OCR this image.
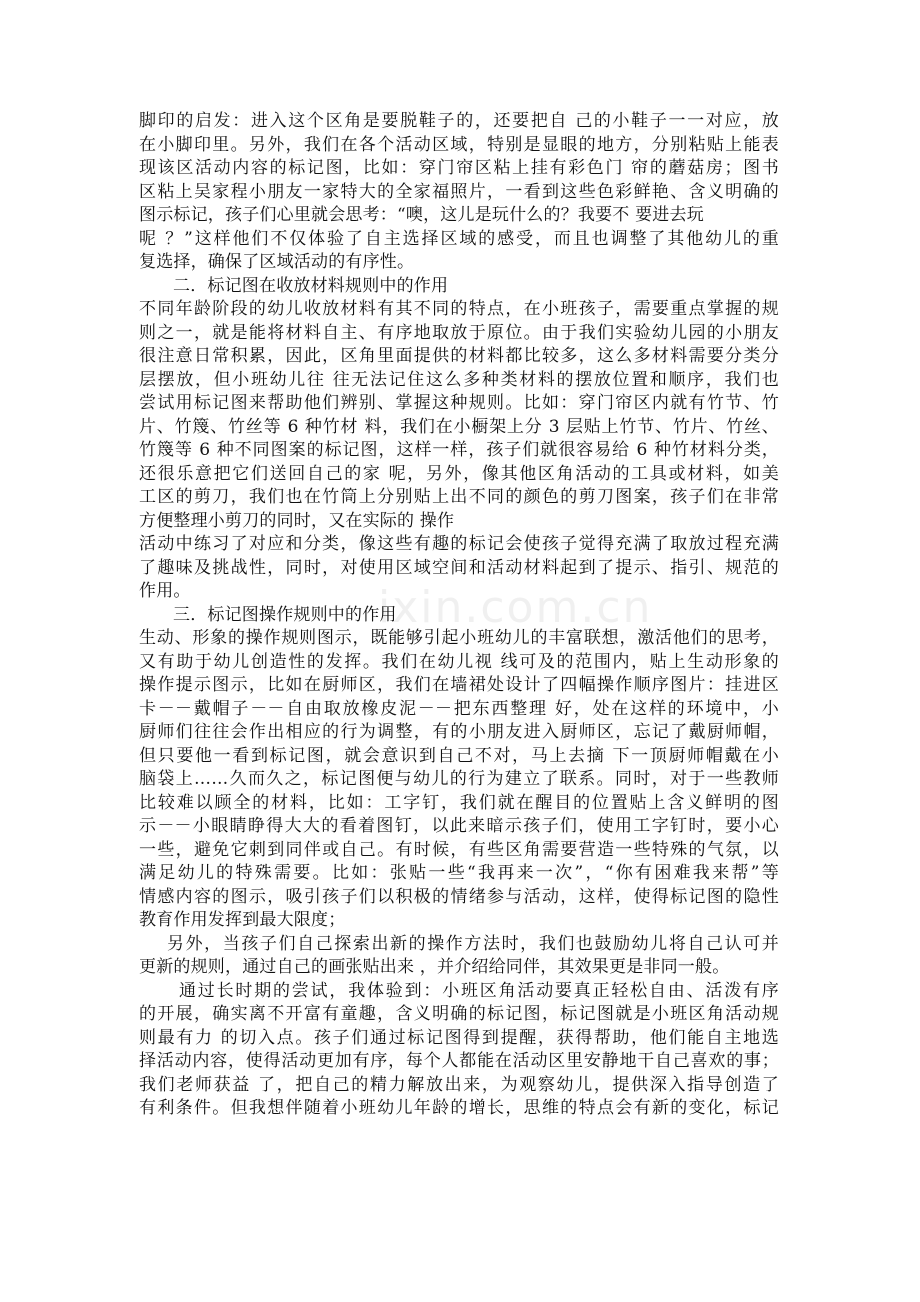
ixin.com.cn
脚印的启发：进入这个区角是要脱鞋子的，还要把自 己的小鞋子一一对应，放
在小脚印里。另外，我们在各个活动区域，特别是显眼的地方，分别粘贴上能表
现该区活动内容的标记图，比如：穿门帘区粘上挂有彩色门 帘的蘑菇房；图书
区粘上吴家程小朋友一家特大的全家福照片，一看到这些色彩鲜艳、含义明确的
图示标记，孩子们心里就会思考：“噢，这儿是玩什么的？我要不 要进去玩
呢 ？”这样他们不仅体验了自主选择区域的感受，而且也调整了其他幼儿的重
复选择，确保了区域活动的有序性。
二．标记图在收放材料规则中的作用
不同年龄阶段的幼儿收放材料有其不同的特点，在小班孩子，需要重点掌握的规
则之一，就是能将材料自主、有序地取放于原位。由于我们实验幼儿园的小朋友
很注意日常积累，因此，区角里面提供的材料都比较多，这么多材料需要分类分
层摆放，但小班幼儿往 往无法记住这么多种类材料的摆放位置和顺序，我们也
尝试用标记图来帮助他们辨别、掌握这种规则。比如：穿门帘区内就有竹节、竹
片、竹篾、竹丝等 6 种竹材 料，我们在小橱架上分 3 层贴上竹节、竹片、竹丝、
竹篾等 6 种不同图案的标记图，这样一样，孩子们就很容易给 6 种竹材料分类，
还很乐意把它们送回自己的家 呢，另外，像其他区角活动的工具或材料，如美
工区的剪刀，我们也在竹筒上分别贴上出不同的颜色的剪刀图案，孩子们在非常
方便整理小剪刀的同时，又在实际的 操作
活动中练习了对应和分类，像这些有趣的标记会使孩子觉得充满了取放过程充满
了趣味及挑战性，同时，对使用区域空间和活动材料起到了提示、指引、规范的
作用。
三．标记图操作规则中的作用
生动、形象的操作规则图示，既能够引起小班幼儿的丰富联想，激活他们的思考，
又有助于幼儿创造性的发挥。我们在幼儿视 线可及的范围内，贴上生动形象的
操作提示图示，比如在厨师区，我们在墙裙处设计了四幅操作顺序图片：挂进区
卡－－戴帽子－－自由取放橡皮泥－－把东西整理 好，处在这样的环境中，小
厨师们往往会作出相应的行为调整，有的小朋友进入厨师区，忘记了戴厨师帽，
但只要他一看到标记图，就会意识到自己不对，马上去摘 下一顶厨师帽戴在小
脑袋上……久而久之，标记图便与幼儿的行为建立了联系。同时，对于一些教师
比较难以顾全的材料，比如：工字钉，我们就在醒目的位置贴上含义鲜明的图
示－－小眼睛睁得大大的看着图钉，以此来暗示孩子们，使用工字钉时，要小心
一些，避免它刺到同伴或自己。有时候，有些区角需要营造一些特殊的气氛，以
满足幼儿的特殊需要。比如：张贴一些“我再来一次”，“你有困难我来帮”等
情感内容的图示，吸引孩子们以积极的情绪参与活动，这样，使得标记图的隐性
教育作用发挥到最大限度；
另外，当孩子们自己探索出新的操作方法时，我们也鼓励幼儿将自己认可并
更新的规则，通过自己的画张贴出来 ，并介绍给同伴，其效果更是非同一般。
通过长时期的尝试，我体验到：小班区角活动要真正轻松自由、活泼有序
的开展，确实离不开富有童趣，含义明确的标记图，标记图就是小班区角活动规
则最有力 的切入点。孩子们通过标记图得到提醒，获得帮助，他们能自主地选
择活动内容，使得活动更加有序，每个人都能在活动区里安静地干自己喜欢的事；
我们老师获益 了，把自己的精力解放出来，为观察幼儿，提供深入指导创造了
有利条件。但我想伴随着小班幼儿年龄的增长，思维的特点会有新的变化，标记
